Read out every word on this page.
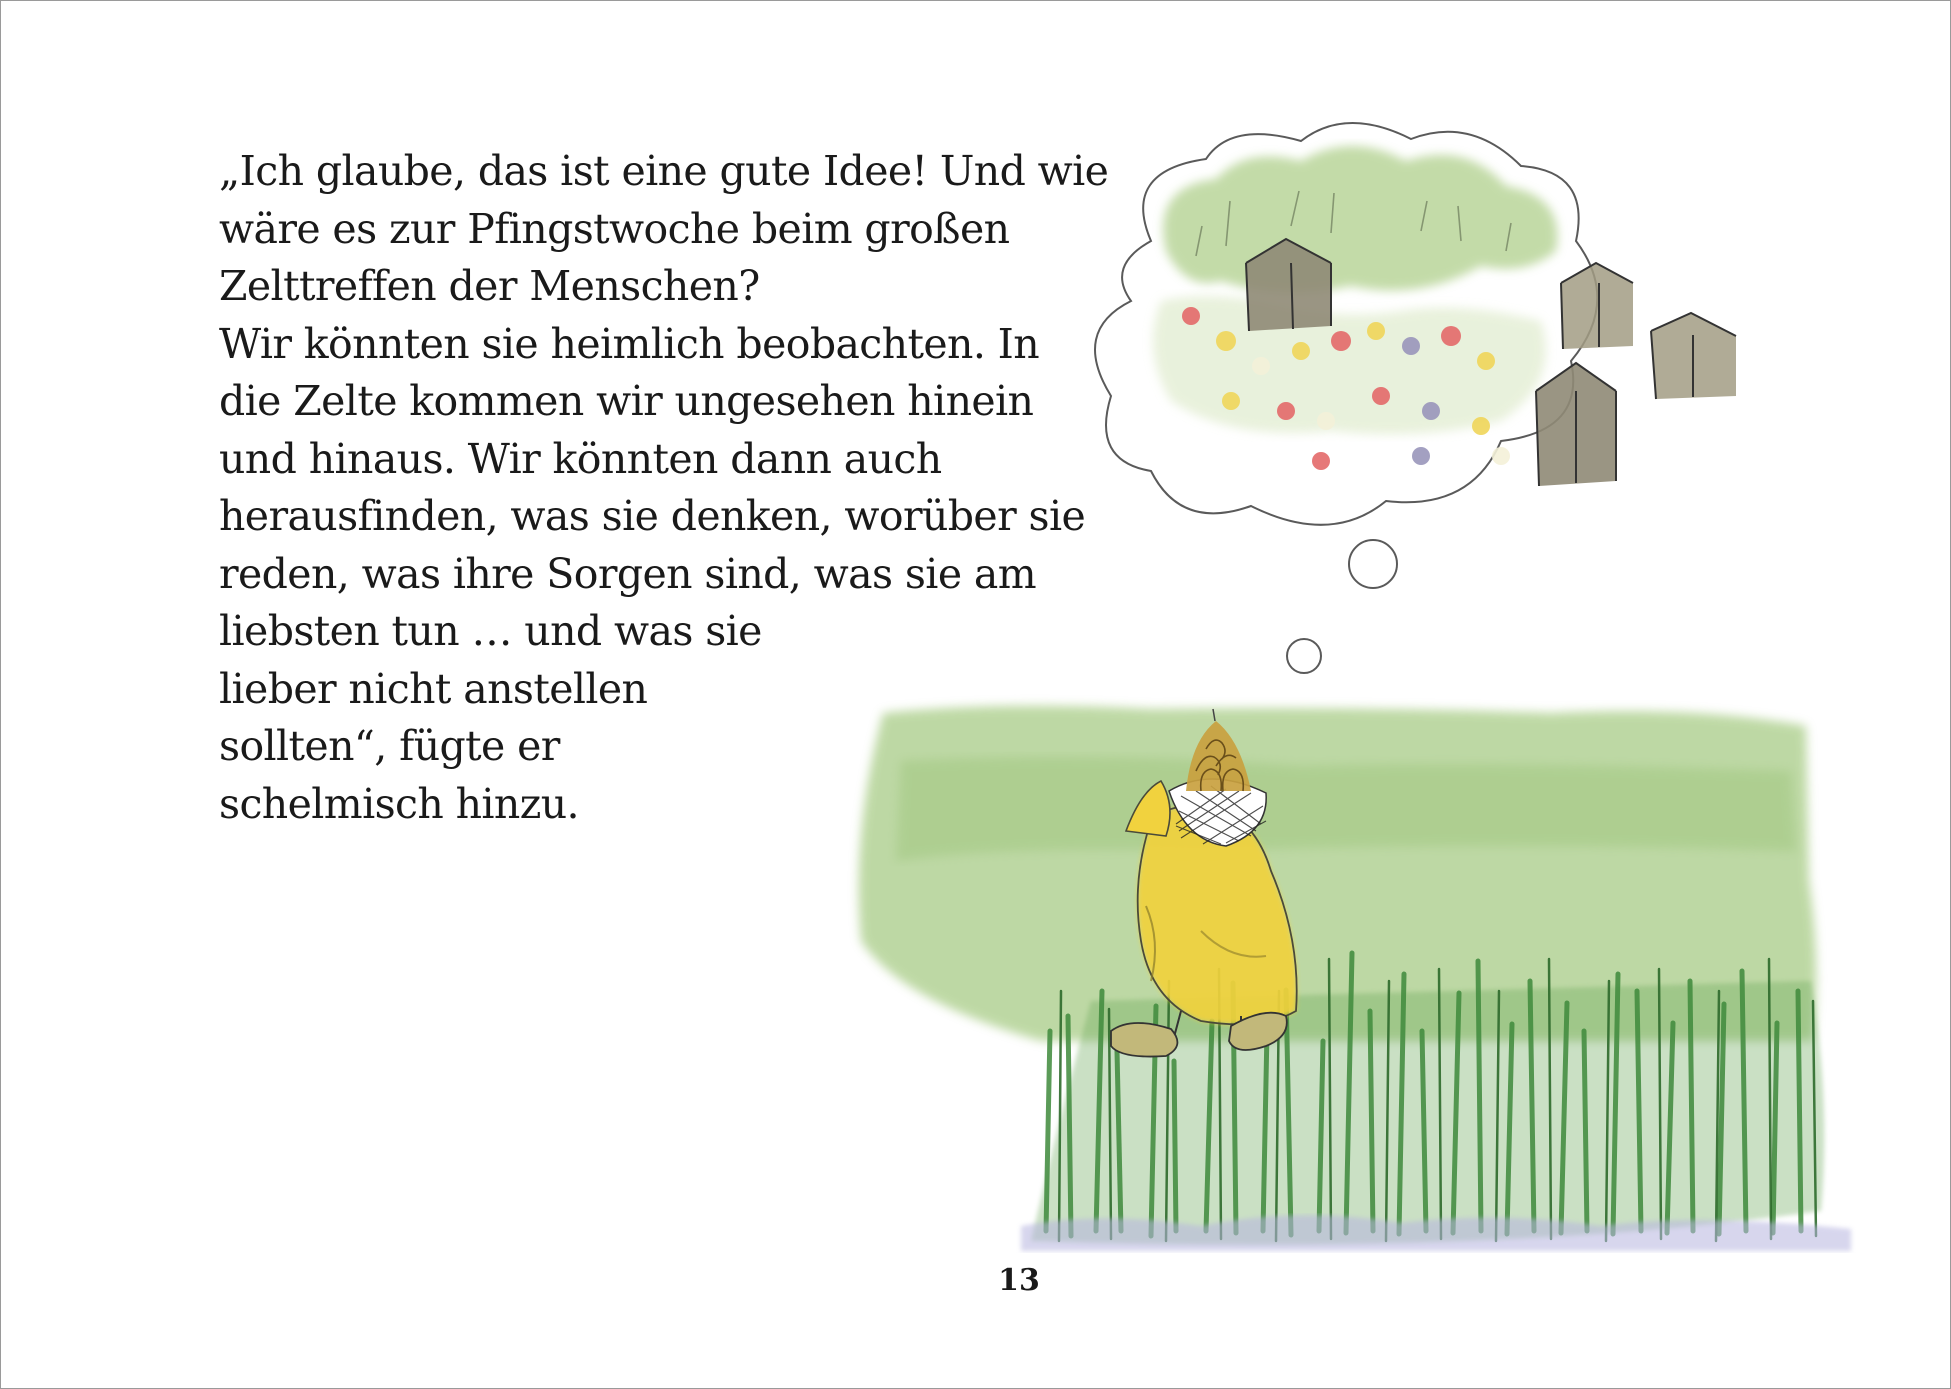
„Ich glaube, das ist eine gute Idee! Und wie
wäre es zur Pfingstwoche beim großen
Zelttreffen der Menschen?
Wir könnten sie heimlich beobachten. In
die Zelte kommen wir ungesehen hinein
und hinaus. Wir könnten dann auch
herausfinden, was sie denken, worüber sie
reden, was ihre Sorgen sind, was sie am
liebsten tun … und was sie
lieber nicht anstellen
sollten“, fügte er
schelmisch hinzu.

13
